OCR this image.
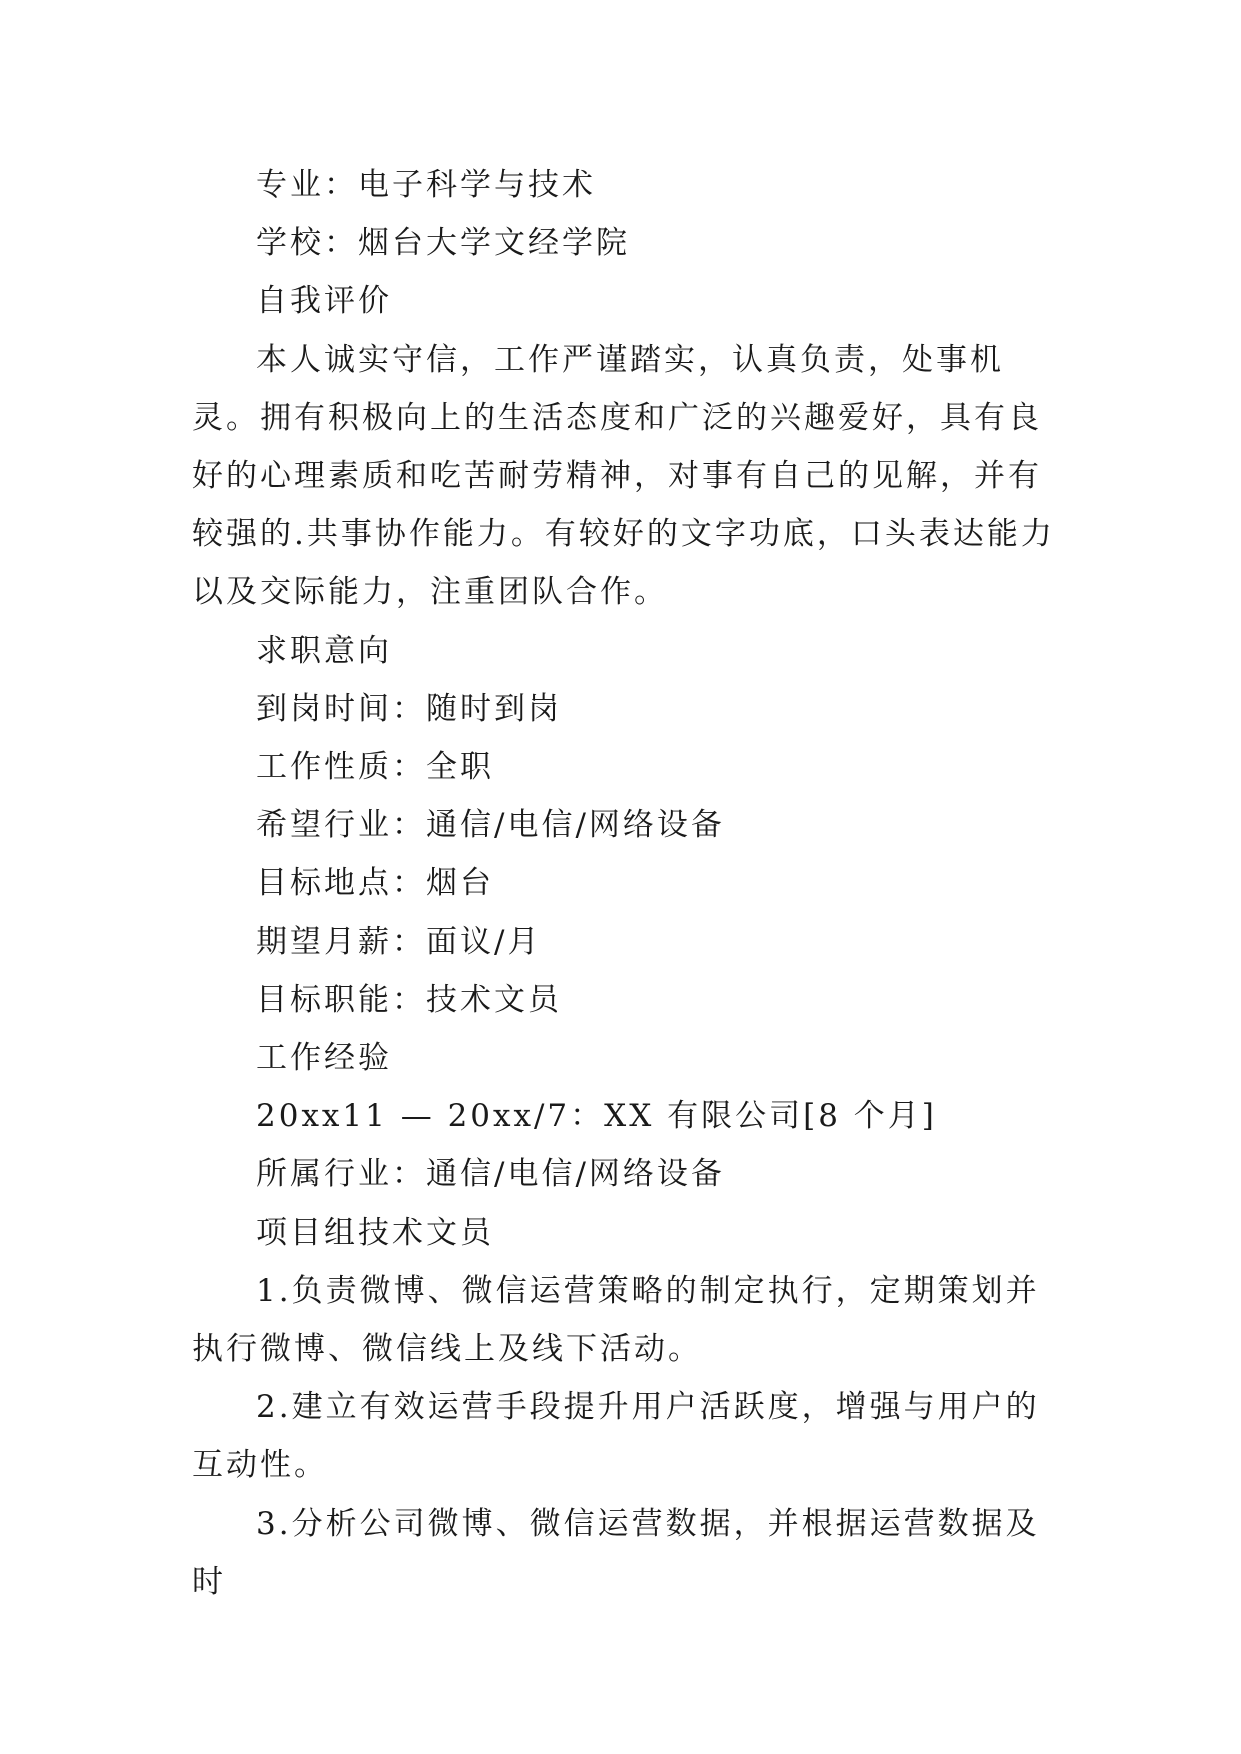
专业：电子科学与技术

学校：烟台大学文经学院

自我评价

本人诚实守信，工作严谨踏实，认真负责，处事机灵。拥有积极向上的生活态度和广泛的兴趣爱好，具有良好的心理素质和吃苦耐劳精神，对事有自己的见解，并有较强的.共事协作能力。有较好的文字功底，口头表达能力以及交际能力，注重团队合作。

求职意向

到岗时间：随时到岗

工作性质：全职

希望行业：通信/电信/网络设备

目标地点：烟台

期望月薪：面议/月

目标职能：技术文员

工作经验

20xx11 — 20xx/7：XX 有限公司[8 个月]

所属行业：通信/电信/网络设备

项目组技术文员

1.负责微博、微信运营策略的制定执行，定期策划并执行微博、微信线上及线下活动。

2.建立有效运营手段提升用户活跃度，增强与用户的互动性。

3.分析公司微博、微信运营数据，并根据运营数据及时
